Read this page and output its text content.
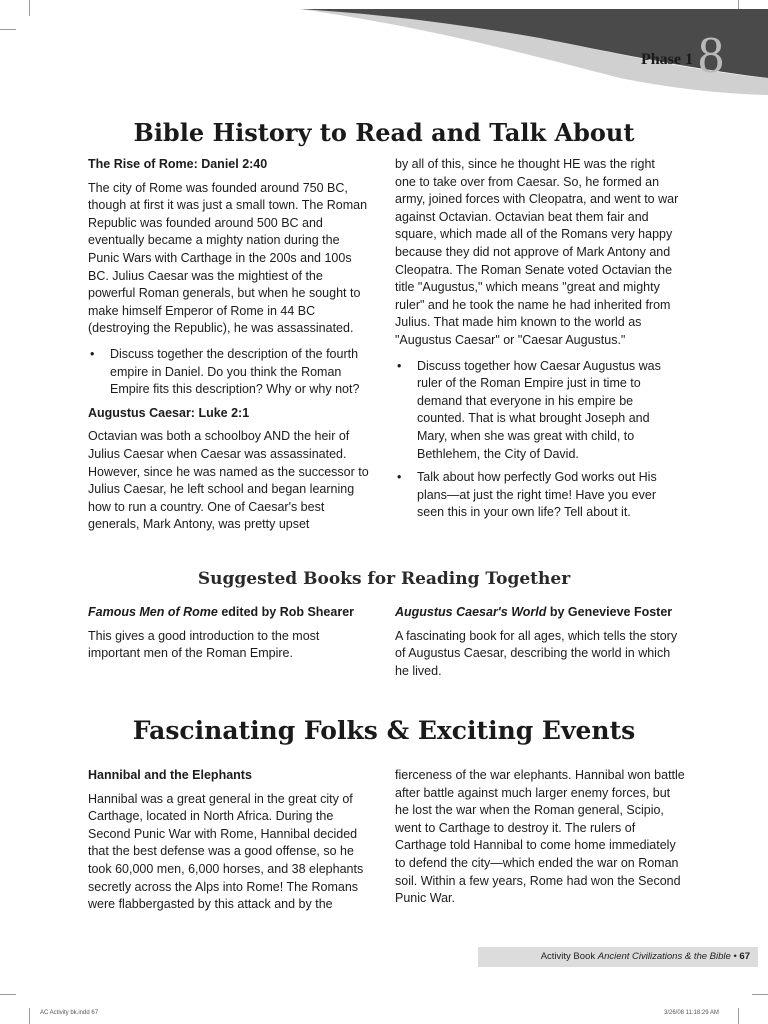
Phase 1 8
Bible History to Read and Talk About
The Rise of Rome: Daniel 2:40

The city of Rome was founded around 750 BC, though at first it was just a small town. The Roman Republic was founded around 500 BC and eventually became a mighty nation during the Punic Wars with Carthage in the 200s and 100s BC. Julius Caesar was the mightiest of the powerful Roman generals, but when he sought to make himself Emperor of Rome in 44 BC (destroying the Republic), he was assassinated.

• Discuss together the description of the fourth empire in Daniel. Do you think the Roman Empire fits this description? Why or why not?
Augustus Caesar: Luke 2:1

Octavian was both a schoolboy AND the heir of Julius Caesar when Caesar was assassinated. However, since he was named as the successor to Julius Caesar, he left school and began learning how to run a country. One of Caesar's best generals, Mark Antony, was pretty upset

by all of this, since he thought HE was the right one to take over from Caesar. So, he formed an army, joined forces with Cleopatra, and went to war against Octavian. Octavian beat them fair and square, which made all of the Romans very happy because they did not approve of Mark Antony and Cleopatra. The Roman Senate voted Octavian the title "Augustus," which means "great and mighty ruler" and he took the name he had inherited from Julius. That made him known to the world as "Augustus Caesar" or "Caesar Augustus."

• Discuss together how Caesar Augustus was ruler of the Roman Empire just in time to demand that everyone in his empire be counted. That is what brought Joseph and Mary, when she was great with child, to Bethlehem, the City of David.
• Talk about how perfectly God works out His plans—at just the right time! Have you ever seen this in your own life? Tell about it.
Suggested Books for Reading Together
Famous Men of Rome edited by Rob Shearer

This gives a good introduction to the most important men of the Roman Empire.

Augustus Caesar's World by Genevieve Foster

A fascinating book for all ages, which tells the story of Augustus Caesar, describing the world in which he lived.

Fascinating Folks & Exciting Events
Hannibal and the Elephants

Hannibal was a great general in the great city of Carthage, located in North Africa. During the Second Punic War with Rome, Hannibal decided that the best defense was a good offense, so he took 60,000 men, 6,000 horses, and 38 elephants secretly across the Alps into Rome! The Romans were flabbergasted by this attack and by the

fierceness of the war elephants. Hannibal won battle after battle against much larger enemy forces, but he lost the war when the Roman general, Scipio, went to Carthage to destroy it. The rulers of Carthage told Hannibal to come home immediately to defend the city—which ended the war on Roman soil. Within a few years, Rome had won the Second Punic War.

Activity Book Ancient Civilizations & the Bible • 67
AC Activity bk.indd 67	3/26/08 11:18:29 AM
